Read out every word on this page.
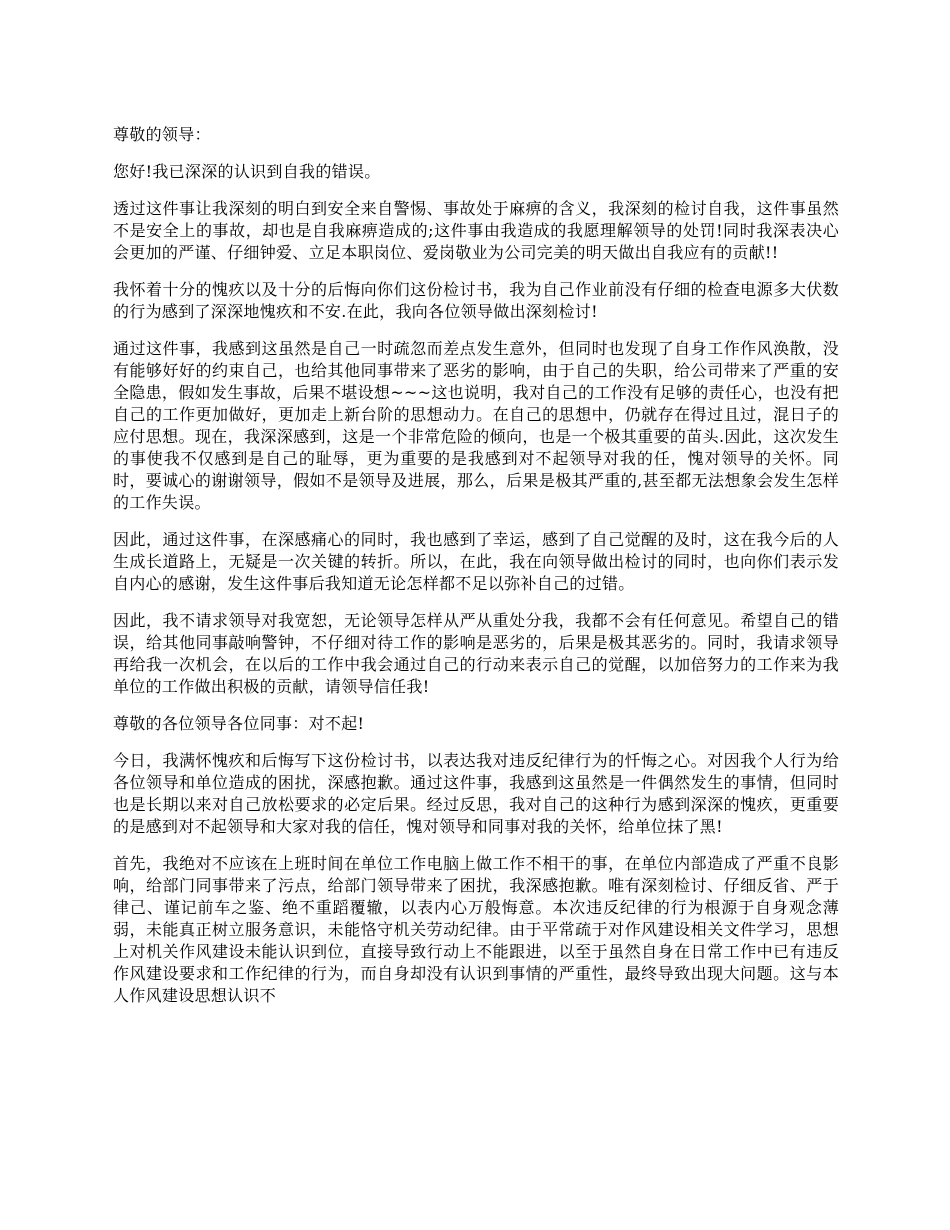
尊敬的领导：

您好!我已深深的认识到自我的错误。

透过这件事让我深刻的明白到安全来自警惕、事故处于麻痹的含义，我深刻的检讨自我，这件事虽然不是安全上的事故，却也是自我麻痹造成的;这件事由我造成的我愿理解领导的处罚!同时我深表决心会更加的严谨、仔细钟爱、立足本职岗位、爱岗敬业为公司完美的明天做出自我应有的贡献!!

我怀着十分的愧疚以及十分的后悔向你们这份检讨书，我为自己作业前没有仔细的检查电源多大伏数的行为感到了深深地愧疚和不安.在此，我向各位领导做出深刻检讨!

通过这件事，我感到这虽然是自己一时疏忽而差点发生意外，但同时也发现了自身工作作风涣散，没有能够好好的约束自己，也给其他同事带来了恶劣的影响，由于自己的失职，给公司带来了严重的安全隐患，假如发生事故，后果不堪设想~~~这也说明，我对自己的工作没有足够的责任心，也没有把自己的工作更加做好，更加走上新台阶的思想动力。在自己的思想中，仍就存在得过且过，混日子的应付思想。现在，我深深感到，这是一个非常危险的倾向，也是一个极其重要的苗头.因此，这次发生的事使我不仅感到是自己的耻辱，更为重要的是我感到对不起领导对我的任，愧对领导的关怀。同时，要诚心的谢谢领导，假如不是领导及进展，那么，后果是极其严重的,甚至都无法想象会发生怎样的工作失误。

因此，通过这件事，在深感痛心的同时，我也感到了幸运，感到了自己觉醒的及时，这在我今后的人生成长道路上，无疑是一次关键的转折。所以，在此，我在向领导做出检讨的同时，也向你们表示发自内心的感谢，发生这件事后我知道无论怎样都不足以弥补自己的过错。

因此，我不请求领导对我宽恕，无论领导怎样从严从重处分我，我都不会有任何意见。希望自己的错误，给其他同事敲响警钟，不仔细对待工作的影响是恶劣的，后果是极其恶劣的。同时，我请求领导再给我一次机会，在以后的工作中我会通过自己的行动来表示自己的觉醒，以加倍努力的工作来为我单位的工作做出积极的贡献，请领导信任我!

尊敬的各位领导各位同事：对不起!

今日，我满怀愧疚和后悔写下这份检讨书，以表达我对违反纪律行为的忏悔之心。对因我个人行为给各位领导和单位造成的困扰，深感抱歉。通过这件事，我感到这虽然是一件偶然发生的事情，但同时也是长期以来对自己放松要求的必定后果。经过反思，我对自己的这种行为感到深深的愧疚，更重要的是感到对不起领导和大家对我的信任，愧对领导和同事对我的关怀，给单位抹了黑!

首先，我绝对不应该在上班时间在单位工作电脑上做工作不相干的事，在单位内部造成了严重不良影响，给部门同事带来了污点，给部门领导带来了困扰，我深感抱歉。唯有深刻检讨、仔细反省、严于律己、谨记前车之鉴、绝不重蹈覆辙，以表内心万般悔意。本次违反纪律的行为根源于自身观念薄弱，未能真正树立服务意识，未能恪守机关劳动纪律。由于平常疏于对作风建设相关文件学习，思想上对机关作风建设未能认识到位，直接导致行动上不能跟进，以至于虽然自身在日常工作中已有违反作风建设要求和工作纪律的行为，而自身却没有认识到事情的严重性，最终导致出现大问题。这与本人作风建设思想认识不
